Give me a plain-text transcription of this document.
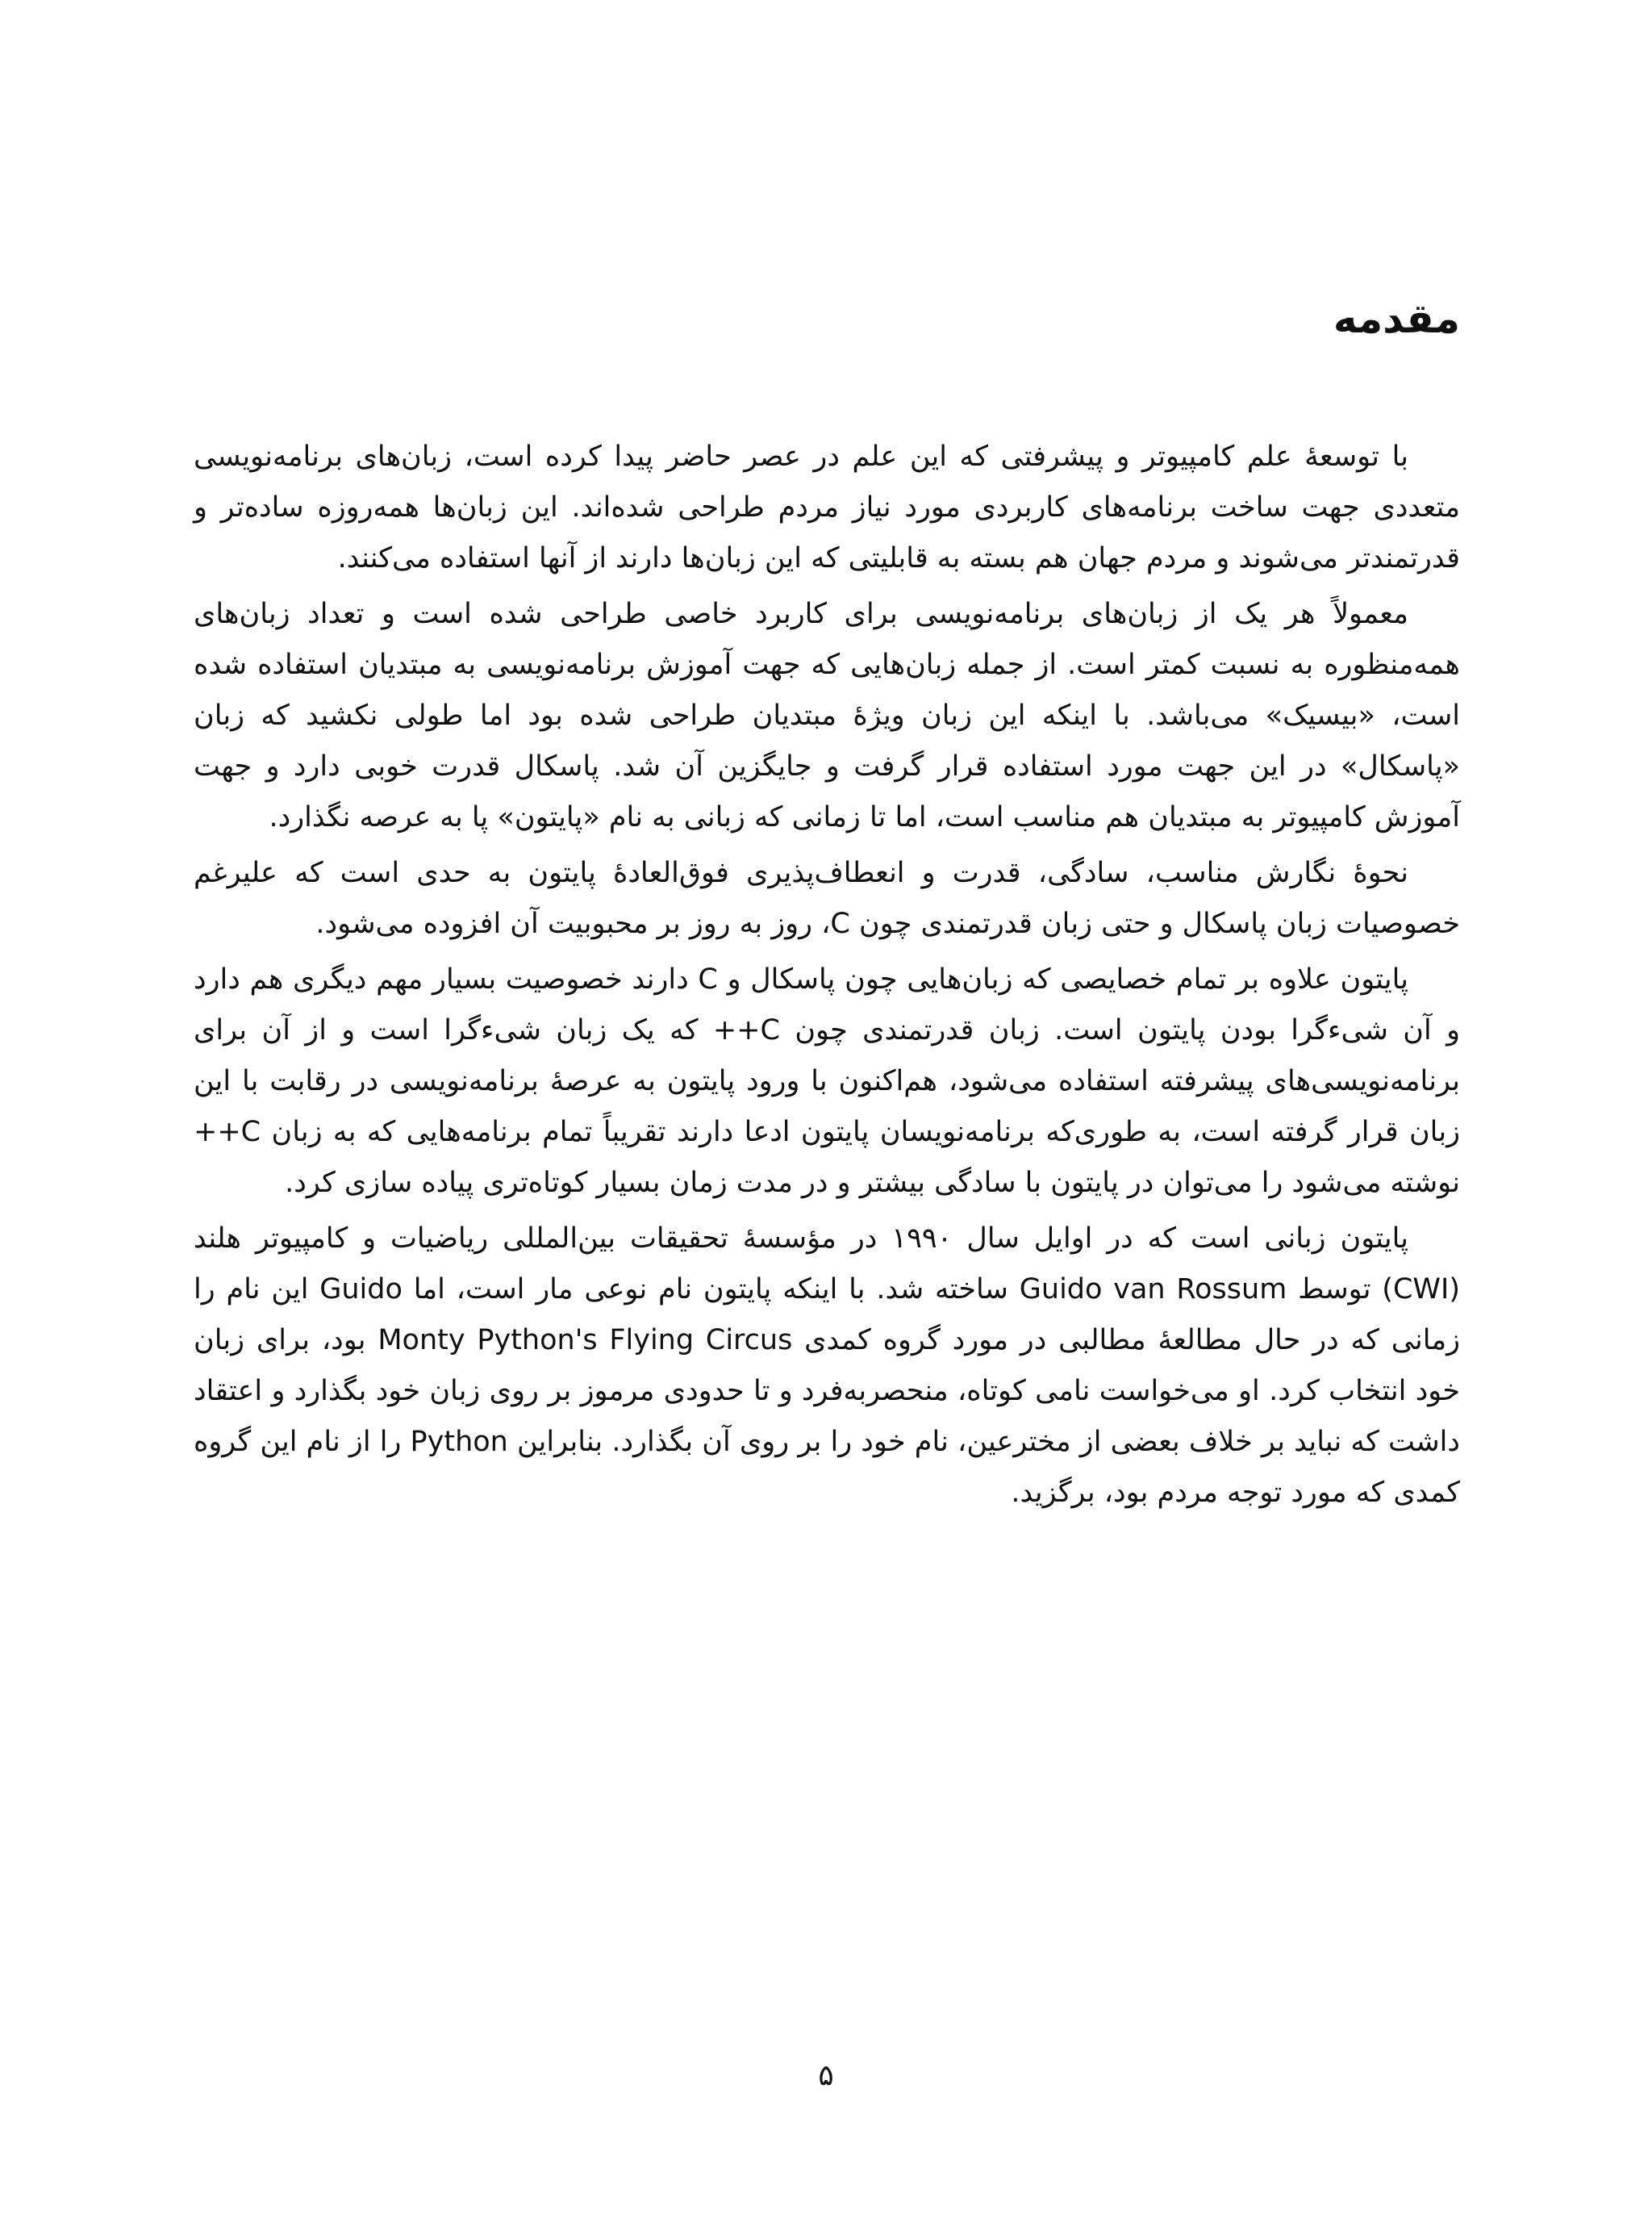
مقدمه

با توسعهٔ علم کامپیوتر و پیشرفتی که این علم در عصر حاضر پیدا کرده است، زبان‌های برنامه‌نویسی متعددی جهت ساخت برنامه‌های کاربردی مورد نیاز مردم طراحی شده‌اند. این زبان‌ها همه‌روزه ساده‌تر و قدرتمندتر می‌شوند و مردم جهان هم بسته به قابلیتی که این زبان‌ها دارند از آنها استفاده می‌کنند.

معمولاً هر یک از زبان‌های برنامه‌نویسی برای کاربرد خاصی طراحی شده است و تعداد زبان‌های همه‌منظوره به نسبت کمتر است. از جمله زبان‌هایی که جهت آموزش برنامه‌نویسی به مبتدیان استفاده شده است، «بیسیک» می‌باشد. با اینکه این زبان ویژهٔ مبتدیان طراحی شده بود اما طولی نکشید که زبان «پاسکال» در این جهت مورد استفاده قرار گرفت و جایگزین آن شد. پاسکال قدرت خوبی دارد و جهت آموزش کامپیوتر به مبتدیان هم مناسب است، اما تا زمانی که زبانی به نام «پایتون» پا به عرصه نگذارد.

نحوهٔ نگارش مناسب، سادگی، قدرت و انعطاف‌پذیری فوق‌العادهٔ پایتون به حدی است که علیرغم خصوصیات زبان پاسکال و حتی زبان قدرتمندی چون C، روز به روز بر محبوبیت آن افزوده می‌شود.

پایتون علاوه بر تمام خصایصی که زبان‌هایی چون پاسکال و C دارند خصوصیت بسیار مهم دیگری هم دارد و آن شیءگرا بودن پایتون است. زبان قدرتمندی چون C++ که یک زبان شیءگرا است و از آن برای برنامه‌نویسی‌های پیشرفته استفاده می‌شود، هم‌اکنون با ورود پایتون به عرصهٔ برنامه‌نویسی در رقابت با این زبان قرار گرفته است، به طوری‌که برنامه‌نویسان پایتون ادعا دارند تقریباً تمام برنامه‌هایی که به زبان C++ نوشته می‌شود را می‌توان در پایتون با سادگی بیشتر و در مدت زمان بسیار کوتاه‌تری پیاده سازی کرد.

پایتون زبانی است که در اوایل سال ۱۹۹۰ در مؤسسهٔ تحقیقات بین‌المللی ریاضیات و کامپیوتر هلند (CWI) توسط Guido van Rossum ساخته شد. با اینکه پایتون نام نوعی مار است، اما Guido این نام را زمانی که در حال مطالعهٔ مطالبی در مورد گروه کمدی Monty Python's Flying Circus بود، برای زبان خود انتخاب کرد. او می‌خواست نامی کوتاه، منحصربه‌فرد و تا حدودی مرموز بر روی زبان خود بگذارد و اعتقاد داشت که نباید بر خلاف بعضی از مخترعین، نام خود را بر روی آن بگذارد. بنابراین Python را از نام این گروه کمدی که مورد توجه مردم بود، برگزید.

۵
